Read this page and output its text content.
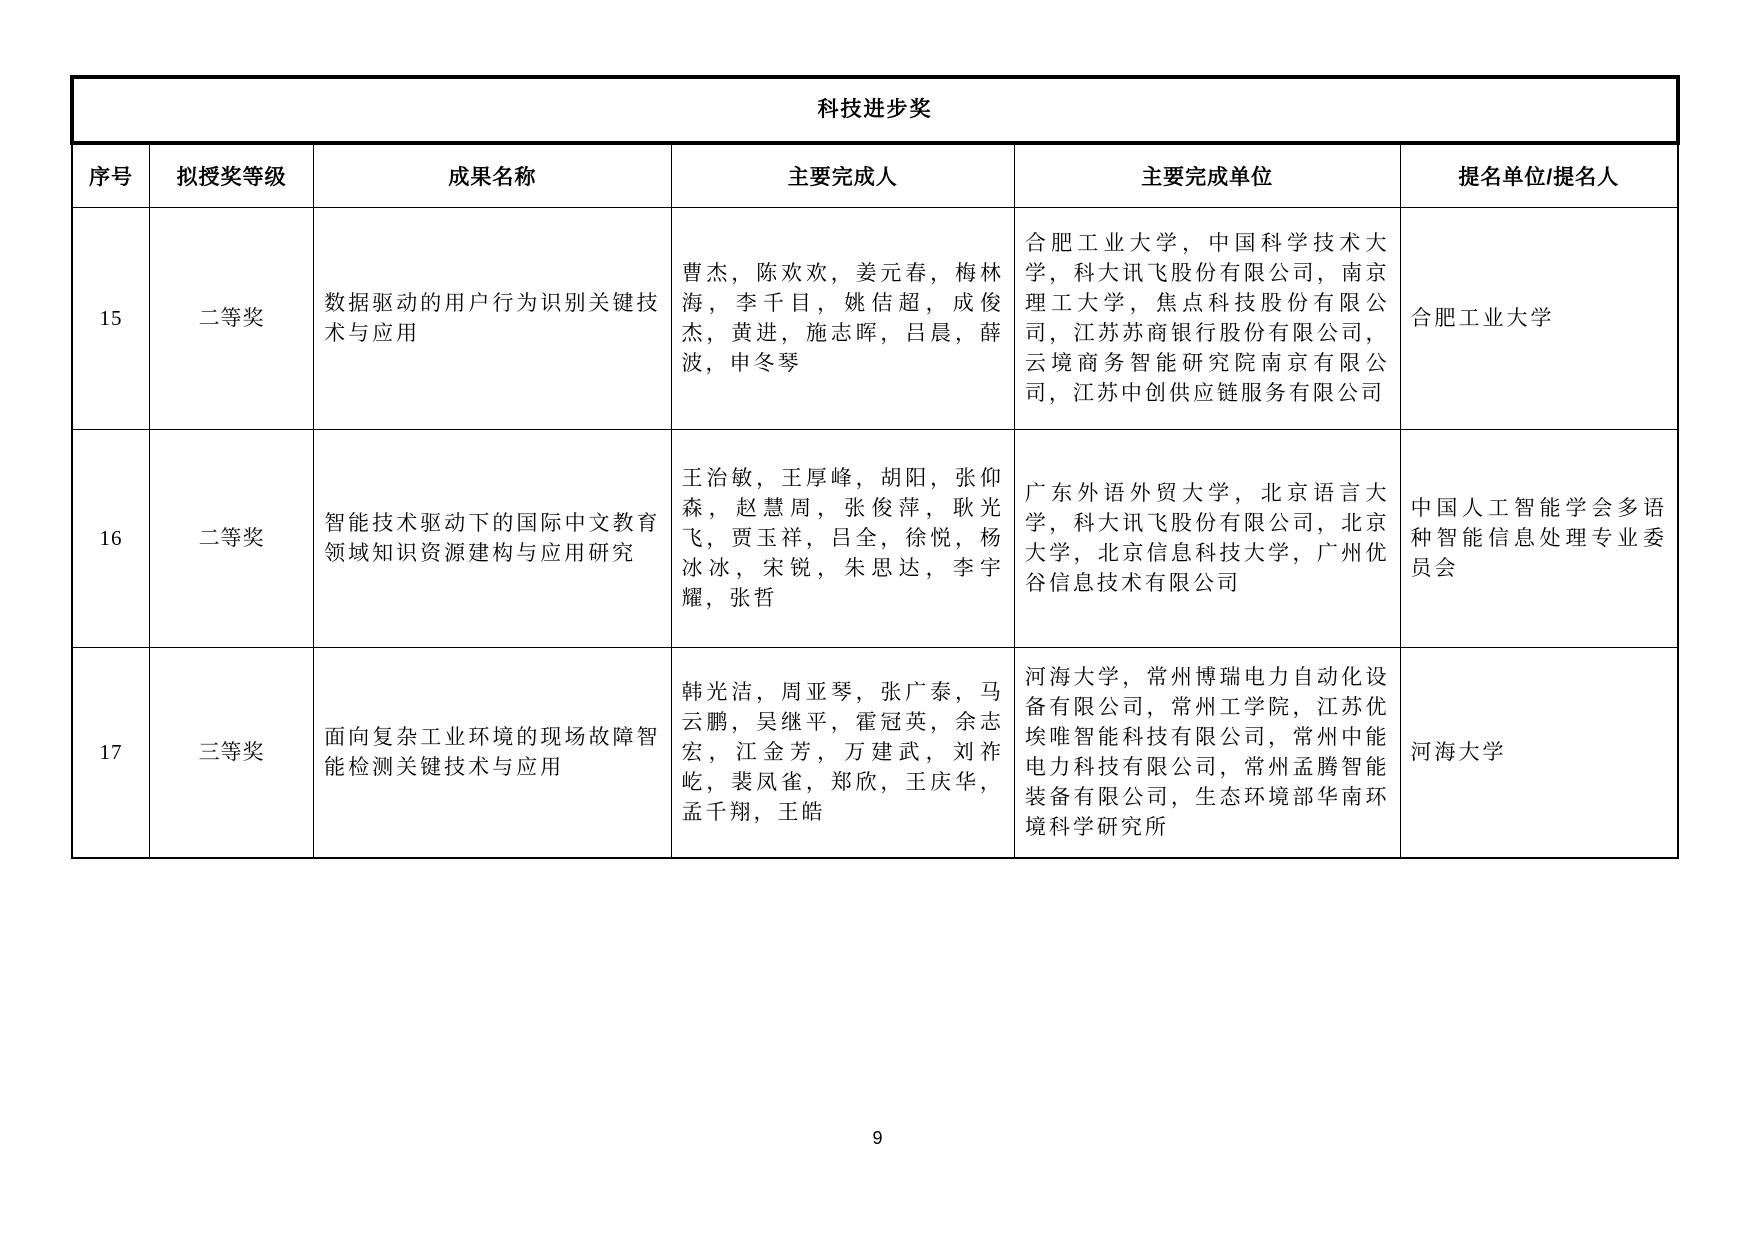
科技进步奖					
序号	拟授奖等级	成果名称	主要完成人	主要完成单位	提名单位/提名人
15	二等奖	数据驱动的用户行为识别关键技术与应用	曹杰，陈欢欢，姜元春，梅林海，李千目，姚佶超，成俊杰，黄进，施志晖，吕晨，薛波，申冬琴	合肥工业大学，中国科学技术大学，科大讯飞股份有限公司，南京理工大学，焦点科技股份有限公司，江苏苏商银行股份有限公司，云境商务智能研究院南京有限公司，江苏中创供应链服务有限公司	合肥工业大学
16	二等奖	智能技术驱动下的国际中文教育领域知识资源建构与应用研究	王治敏，王厚峰，胡阳，张仰森，赵慧周，张俊萍，耿光飞，贾玉祥，吕全，徐悦，杨冰冰，宋锐，朱思达，李宇耀，张哲	广东外语外贸大学，北京语言大学，科大讯飞股份有限公司，北京大学，北京信息科技大学，广州优谷信息技术有限公司	中国人工智能学会多语种智能信息处理专业委员会
17	三等奖	面向复杂工业环境的现场故障智能检测关键技术与应用	韩光洁，周亚琴，张广泰，马云鹏，吴继平，霍冠英，余志宏，江金芳，万建武，刘祚屹，裴凤雀，郑欣，王庆华，孟千翔，王皓	河海大学，常州博瑞电力自动化设备有限公司，常州工学院，江苏优埃唯智能科技有限公司，常州中能电力科技有限公司，常州孟腾智能装备有限公司，生态环境部华南环境科学研究所	河海大学
9
